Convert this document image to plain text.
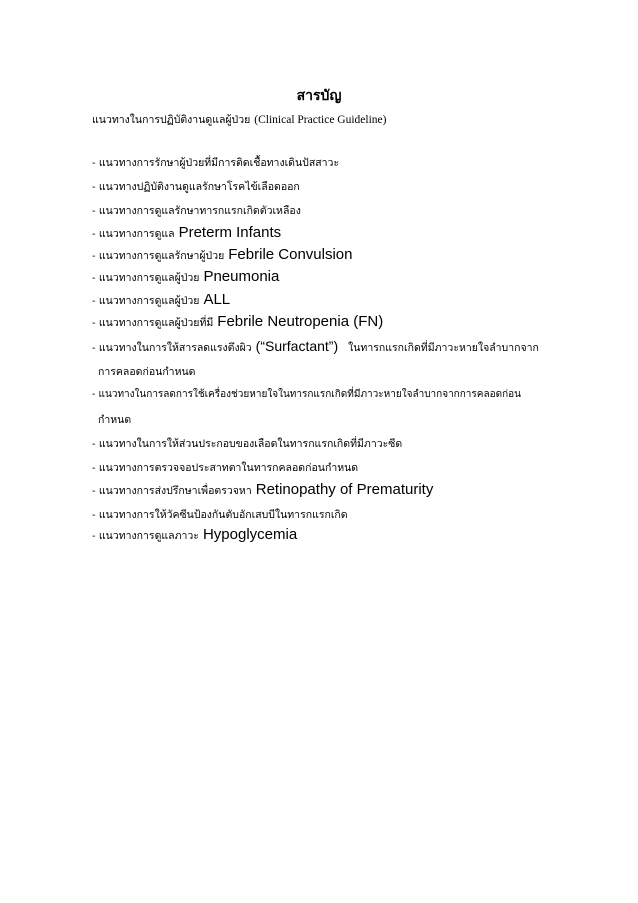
สารบัญ
แนวทางในการปฏิบัติงานดูแลผู้ป่วย (Clinical Practice Guideline)
- แนวทางการรักษาผู้ป่วยที่มีการติดเชื้อทางเดินปัสสาวะ
- แนวทางปฏิบัติงานดูแลรักษาโรคไข้เลือดออก
- แนวทางการดูแลรักษาทารกแรกเกิดตัวเหลือง
- แนวทางการดูแล Preterm Infants
- แนวทางการดูแลรักษาผู้ป่วย Febrile Convulsion
- แนวทางการดูแลผู้ป่วย Pneumonia
- แนวทางการดูแลผู้ป่วย ALL
- แนวทางการดูแลผู้ป่วยที่มี Febrile Neutropenia (FN)
- แนวทางในการให้สารลดแรงตึงผิว (“Surfactant”) ในทารกแรกเกิดที่มีภาวะหายใจลำบากจาก
การคลอดก่อนกำหนด
- แนวทางในการลดการใช้เครื่องช่วยหายใจในทารกแรกเกิดที่มีภาวะหายใจลำบากจากการคลอดก่อน
กำหนด
- แนวทางในการให้ส่วนประกอบของเลือดในทารกแรกเกิดที่มีภาวะซีด
- แนวทางการตรวจจอประสาทตาในทารกคลอดก่อนกำหนด
- แนวทางการส่งปรึกษาเพื่อตรวจหา Retinopathy of Prematurity
- แนวทางการให้วัคซีนป้องกันตับอักเสบบีในทารกแรกเกิด
- แนวทางการดูแลภาวะ Hypoglycemia
